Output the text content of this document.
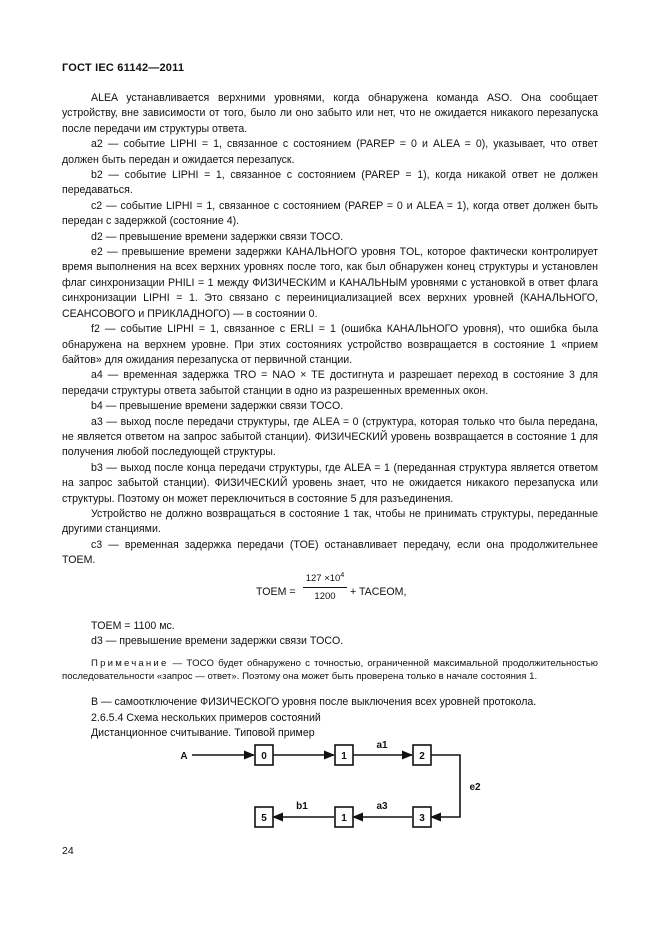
ГОСТ IEC 61142—2011

ALEA устанавливается верхними уровнями, когда обнаружена команда ASO. Она сообщает устройству, вне зависимости от того, было ли оно забыто или нет, что не ожидается никакого перезапуска после передачи им структуры ответа.

a2 — событие LIPHI = 1, связанное с состоянием (PAREP = 0 и ALEA = 0), указывает, что ответ должен быть передан и ожидается перезапуск.

b2 — событие LIPHI = 1, связанное с состоянием (PAREP = 1), когда никакой ответ не должен передаваться.

c2 — событие LIPHI = 1, связанное с состоянием (PAREP = 0 и ALEA = 1), когда ответ должен быть передан с задержкой (состояние 4).

d2 — превышение времени задержки связи TOCO.

e2 — превышение времени задержки КАНАЛЬНОГО уровня TOL, которое фактически контролирует время выполнения на всех верхних уровнях после того, как был обнаружен конец структуры и установлен флаг синхронизации PHILI = 1 между ФИЗИЧЕСКИМ и КАНАЛЬНЫМ уровнями с установкой в ответ флага синхронизации LIPHI = 1. Это связано с переинициализацией всех верхних уровней (КАНАЛЬНОГО, СЕАНСОВОГО и ПРИКЛАДНОГО) — в состоянии 0.

f2 — событие LIPHI = 1, связанное с ERLI = 1 (ошибка КАНАЛЬНОГО уровня), что ошибка была обнаружена на верхнем уровне. При этих состояниях устройство возвращается в состояние 1 «прием байтов» для ожидания перезапуска от первичной станции.

a4 — временная задержка TRO = NAO × TE достигнута и разрешает переход в состояние 3 для передачи структуры ответа забытой станции в одно из разрешенных временных окон.

b4 — превышение времени задержки связи TOCO.

a3 — выход после передачи структуры, где ALEA = 0 (структура, которая только что была передана, не является ответом на запрос забытой станции). ФИЗИЧЕСКИЙ уровень возвращается в состояние 1 для получения любой последующей структуры.

b3 — выход после конца передачи структуры, где ALEA = 1 (переданная структура является ответом на запрос забытой станции). ФИЗИЧЕСКИЙ уровень знает, что не ожидается никакого перезапуска или структуры. Поэтому он может переключиться в состояние 5 для разъединения.

Устройство не должно возвращаться в состояние 1 так, чтобы не принимать структуры, переданные другими станциями.

c3 — временная задержка передачи (TOE) останавливает передачу, если она продолжительнее TOEM.

TOEM =
$127 \times 10^4$
1200	+ TACEOM,

TOEM = 1100 мс.

d3 — превышение времени задержки связи TOCO.

Примечание — TOCO будет обнаружено с точностью, ограниченной максимальной продолжительностью последовательности «запрос — ответ». Поэтому она может быть проверена только в начале состояния 1.

B — самоотключение ФИЗИЧЕСКОГО уровня после выключения всех уровней протокола.

2.6.5.4 Схема нескольких примеров состояний

Дистанционное считывание. Типовой пример

A	0	1	2
5	1	3
a1
e2
b1	a3
24
